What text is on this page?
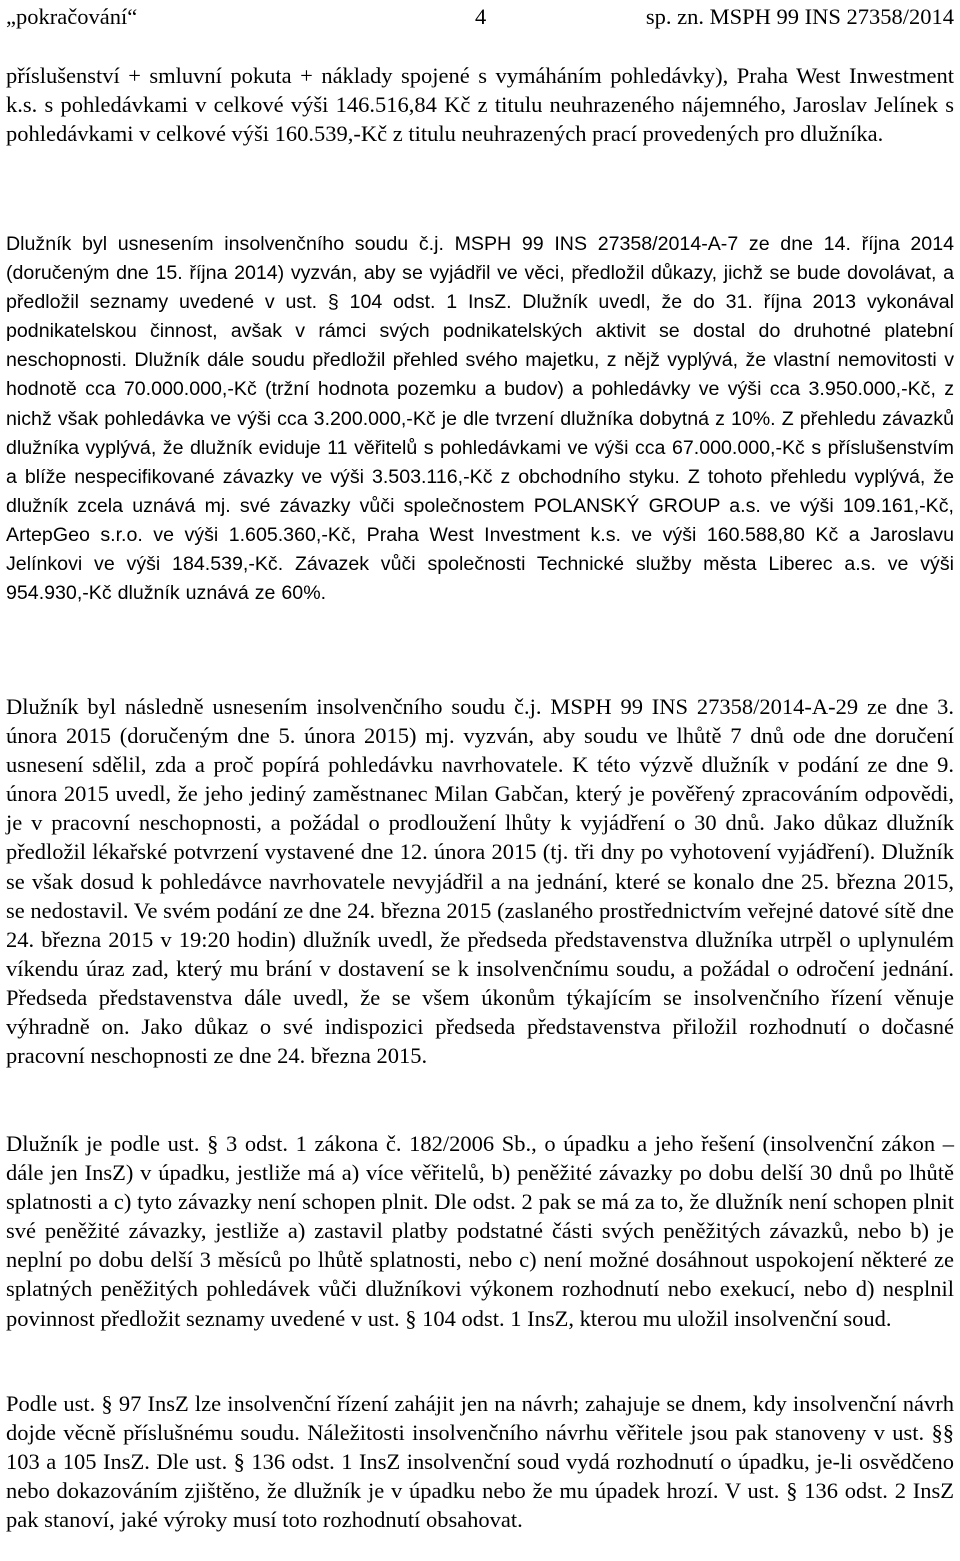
„pokračování“	4	sp. zn. MSPH 99 INS 27358/2014

příslušenství + smluvní pokuta + náklady spojené s vymáháním pohledávky), Praha West Inwestment k.s. s pohledávkami v celkové výši 146.516,84 Kč z titulu neuhrazeného nájemného, Jaroslav Jelínek s pohledávkami v celkové výši 160.539,-Kč z titulu neuhrazených prací provedených pro dlužníka.

Dlužník byl usnesením insolvenčního soudu č.j. MSPH 99 INS 27358/2014-A-7 ze dne 14. října 2014 (doručeným dne 15. října 2014) vyzván, aby se vyjádřil ve věci, předložil důkazy, jichž se bude dovolávat, a předložil seznamy uvedené v ust. § 104 odst. 1 InsZ. Dlužník uvedl, že do 31. října 2013 vykonával podnikatelskou činnost, avšak v rámci svých podnikatelských aktivit se dostal do druhotné platební neschopnosti. Dlužník dále soudu předložil přehled svého majetku, z nějž vyplývá, že vlastní nemovitosti v hodnotě cca 70.000.000,-Kč (tržní hodnota pozemku a budov) a pohledávky ve výši cca 3.950.000,-Kč, z nichž však pohledávka ve výši cca 3.200.000,-Kč je dle tvrzení dlužníka dobytná z 10%. Z přehledu závazků dlužníka vyplývá, že dlužník eviduje 11 věřitelů s pohledávkami ve výši cca 67.000.000,-Kč s příslušenstvím a blíže nespecifikované závazky ve výši 3.503.116,-Kč z obchodního styku. Z tohoto přehledu vyplývá, že dlužník zcela uznává mj. své závazky vůči společnostem POLANSKÝ GROUP a.s. ve výši 109.161,-Kč, ArtepGeo s.r.o. ve výši 1.605.360,-Kč, Praha West Investment k.s. ve výši 160.588,80 Kč a Jaroslavu Jelínkovi ve výši 184.539,-Kč. Závazek vůči společnosti Technické služby města Liberec a.s. ve výši 954.930,-Kč dlužník uznává ze 60%.

Dlužník byl následně usnesením insolvenčního soudu č.j. MSPH 99 INS 27358/2014-A-29 ze dne 3. února 2015 (doručeným dne 5. února 2015) mj. vyzván, aby soudu ve lhůtě 7 dnů ode dne doručení usnesení sdělil, zda a proč popírá pohledávku navrhovatele. K této výzvě dlužník v podání ze dne 9. února 2015 uvedl, že jeho jediný zaměstnanec Milan Gabčan, který je pověřený zpracováním odpovědi, je v pracovní neschopnosti, a požádal o prodloužení lhůty k vyjádření o 30 dnů. Jako důkaz dlužník předložil lékařské potvrzení vystavené dne 12. února 2015 (tj. tři dny po vyhotovení vyjádření). Dlužník se však dosud k pohledávce navrhovatele nevyjádřil a na jednání, které se konalo dne 25. března 2015, se nedostavil. Ve svém podání ze dne 24. března 2015 (zaslaného prostřednictvím veřejné datové sítě dne 24. března 2015 v 19:20 hodin) dlužník uvedl, že předseda představenstva dlužníka utrpěl o uplynulém víkendu úraz zad, který mu brání v dostavení se k insolvenčnímu soudu, a požádal o odročení jednání. Předseda představenstva dále uvedl, že se všem úkonům týkajícím se insolvenčního řízení věnuje výhradně on. Jako důkaz o své indispozici předseda představenstva přiložil rozhodnutí o dočasné pracovní neschopnosti ze dne 24. března 2015.

Dlužník je podle ust. § 3 odst. 1 zákona č. 182/2006 Sb., o úpadku a jeho řešení (insolvenční zákon – dále jen InsZ) v úpadku, jestliže má a) více věřitelů, b) peněžité závazky po dobu delší 30 dnů po lhůtě splatnosti a c) tyto závazky není schopen plnit. Dle odst. 2 pak se má za to, že dlužník není schopen plnit své peněžité závazky, jestliže a) zastavil platby podstatné části svých peněžitých závazků, nebo b) je neplní po dobu delší 3 měsíců po lhůtě splatnosti, nebo c) není možné dosáhnout uspokojení některé ze splatných peněžitých pohledávek vůči dlužníkovi výkonem rozhodnutí nebo exekucí, nebo d) nesplnil povinnost předložit seznamy uvedené v ust. § 104 odst. 1 InsZ, kterou mu uložil insolvenční soud.

Podle ust. § 97 InsZ lze insolvenční řízení zahájit jen na návrh; zahajuje se dnem, kdy insolvenční návrh dojde věcně příslušnému soudu. Náležitosti insolvenčního návrhu věřitele jsou pak stanoveny v ust. §§ 103 a 105 InsZ. Dle ust. § 136 odst. 1 InsZ insolvenční soud vydá rozhodnutí o úpadku, je-li osvědčeno nebo dokazováním zjištěno, že dlužník je v úpadku nebo že mu úpadek hrozí. V ust. § 136 odst. 2 InsZ pak stanoví, jaké výroky musí toto rozhodnutí obsahovat.
